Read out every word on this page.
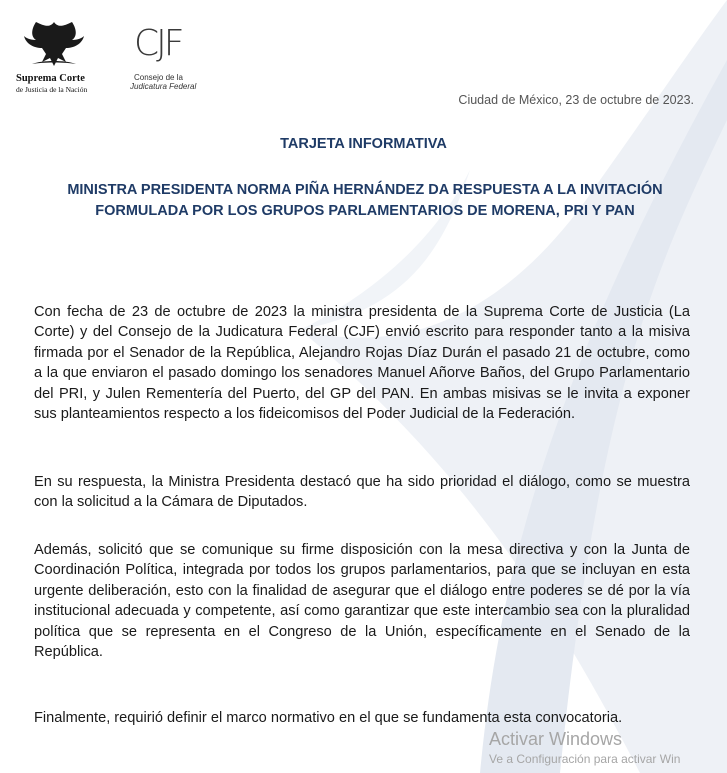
Suprema Corte
de Justicia de la Nación
CJF
Consejo de la
Judicatura Federal
Ciudad de México, 23 de octubre de 2023.
TARJETA INFORMATIVA
MINISTRA PRESIDENTA NORMA PIÑA HERNÁNDEZ DA RESPUESTA A LA INVITACIÓN FORMULADA POR LOS GRUPOS PARLAMENTARIOS DE MORENA, PRI Y PAN

Con fecha de 23 de octubre de 2023 la ministra presidenta de la Suprema Corte de Justicia (La Corte) y del Consejo de la Judicatura Federal (CJF) envió escrito para responder tanto a la misiva firmada por el Senador de la República, Alejandro Rojas Díaz Durán el pasado 21 de octubre, como a la que enviaron el pasado domingo los senadores Manuel Añorve Baños, del Grupo Parlamentario del PRI, y Julen Rementería del Puerto, del GP del PAN. En ambas misivas se le invita a exponer sus planteamientos respecto a los fideicomisos del Poder Judicial de la Federación.

En su respuesta, la Ministra Presidenta destacó que ha sido prioridad el diálogo, como se muestra con la solicitud a la Cámara de Diputados.

Además, solicitó que se comunique su firme disposición con la mesa directiva y con la Junta de Coordinación Política, integrada por todos los grupos parlamentarios, para que se incluyan en esta urgente deliberación, esto con la finalidad de asegurar que el diálogo entre poderes se dé por la vía institucional adecuada y competente, así como garantizar que este intercambio sea con la pluralidad política que se representa en el Congreso de la Unión, específicamente en el Senado de la República.

Finalmente, requirió definir el marco normativo en el que se fundamenta esta convocatoria.

Activar Windows
Ve a Configuración para activar Win
